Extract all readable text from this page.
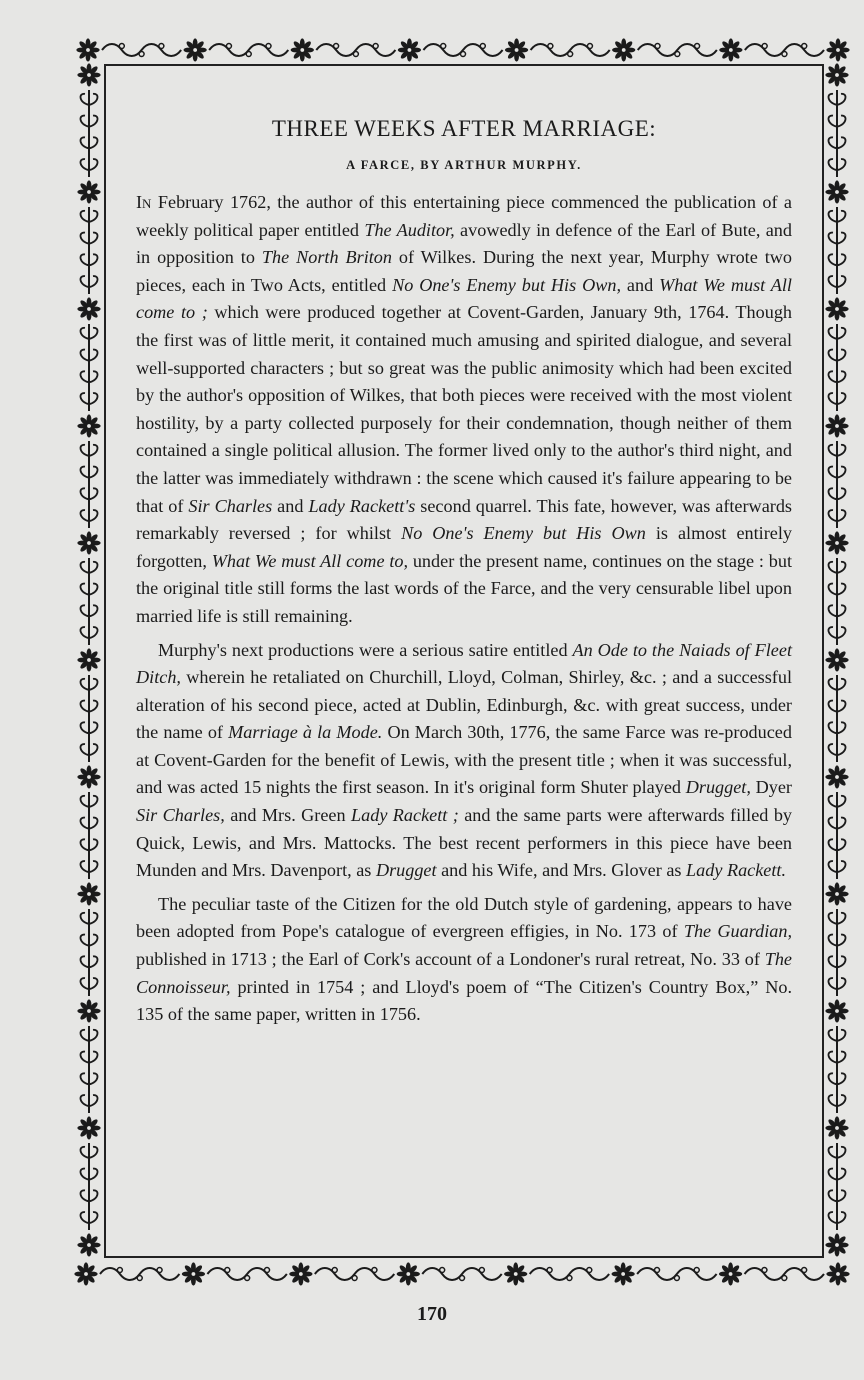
THREE WEEKS AFTER MARRIAGE:
A FARCE, BY ARTHUR MURPHY.

In February 1762, the author of this entertaining piece commenced the publication of a weekly political paper entitled The Auditor, avowedly in defence of the Earl of Bute, and in opposition to The North Briton of Wilkes. During the next year, Murphy wrote two pieces, each in Two Acts, entitled No One's Enemy but His Own, and What We must All come to ; which were produced together at Covent-Garden, January 9th, 1764. Though the first was of little merit, it contained much amusing and spirited dialogue, and several well-supported characters ; but so great was the public animosity which had been excited by the author's opposition of Wilkes, that both pieces were received with the most violent hostility, by a party collected purposely for their condemnation, though neither of them contained a single political allusion. The former lived only to the author's third night, and the latter was immediately withdrawn : the scene which caused it's failure appearing to be that of Sir Charles and Lady Rackett's second quarrel. This fate, however, was afterwards remarkably reversed ; for whilst No One's Enemy but His Own is almost entirely forgotten, What We must All come to, under the present name, continues on the stage : but the original title still forms the last words of the Farce, and the very censurable libel upon married life is still remaining.

Murphy's next productions were a serious satire entitled An Ode to the Naiads of Fleet Ditch, wherein he retaliated on Churchill, Lloyd, Colman, Shirley, &c. ; and a successful alteration of his second piece, acted at Dublin, Edinburgh, &c. with great success, under the name of Marriage à la Mode. On March 30th, 1776, the same Farce was re-produced at Covent-Garden for the benefit of Lewis, with the present title ; when it was successful, and was acted 15 nights the first season. In it's original form Shuter played Drugget, Dyer Sir Charles, and Mrs. Green Lady Rackett ; and the same parts were afterwards filled by Quick, Lewis, and Mrs. Mattocks. The best recent performers in this piece have been Munden and Mrs. Davenport, as Drugget and his Wife, and Mrs. Glover as Lady Rackett.

The peculiar taste of the Citizen for the old Dutch style of gardening, appears to have been adopted from Pope's catalogue of evergreen effigies, in No. 173 of The Guardian, published in 1713 ; the Earl of Cork's account of a Londoner's rural retreat, No. 33 of The Connoisseur, printed in 1754 ; and Lloyd's poem of “The Citizen's Country Box,” No. 135 of the same paper, written in 1756.

170
